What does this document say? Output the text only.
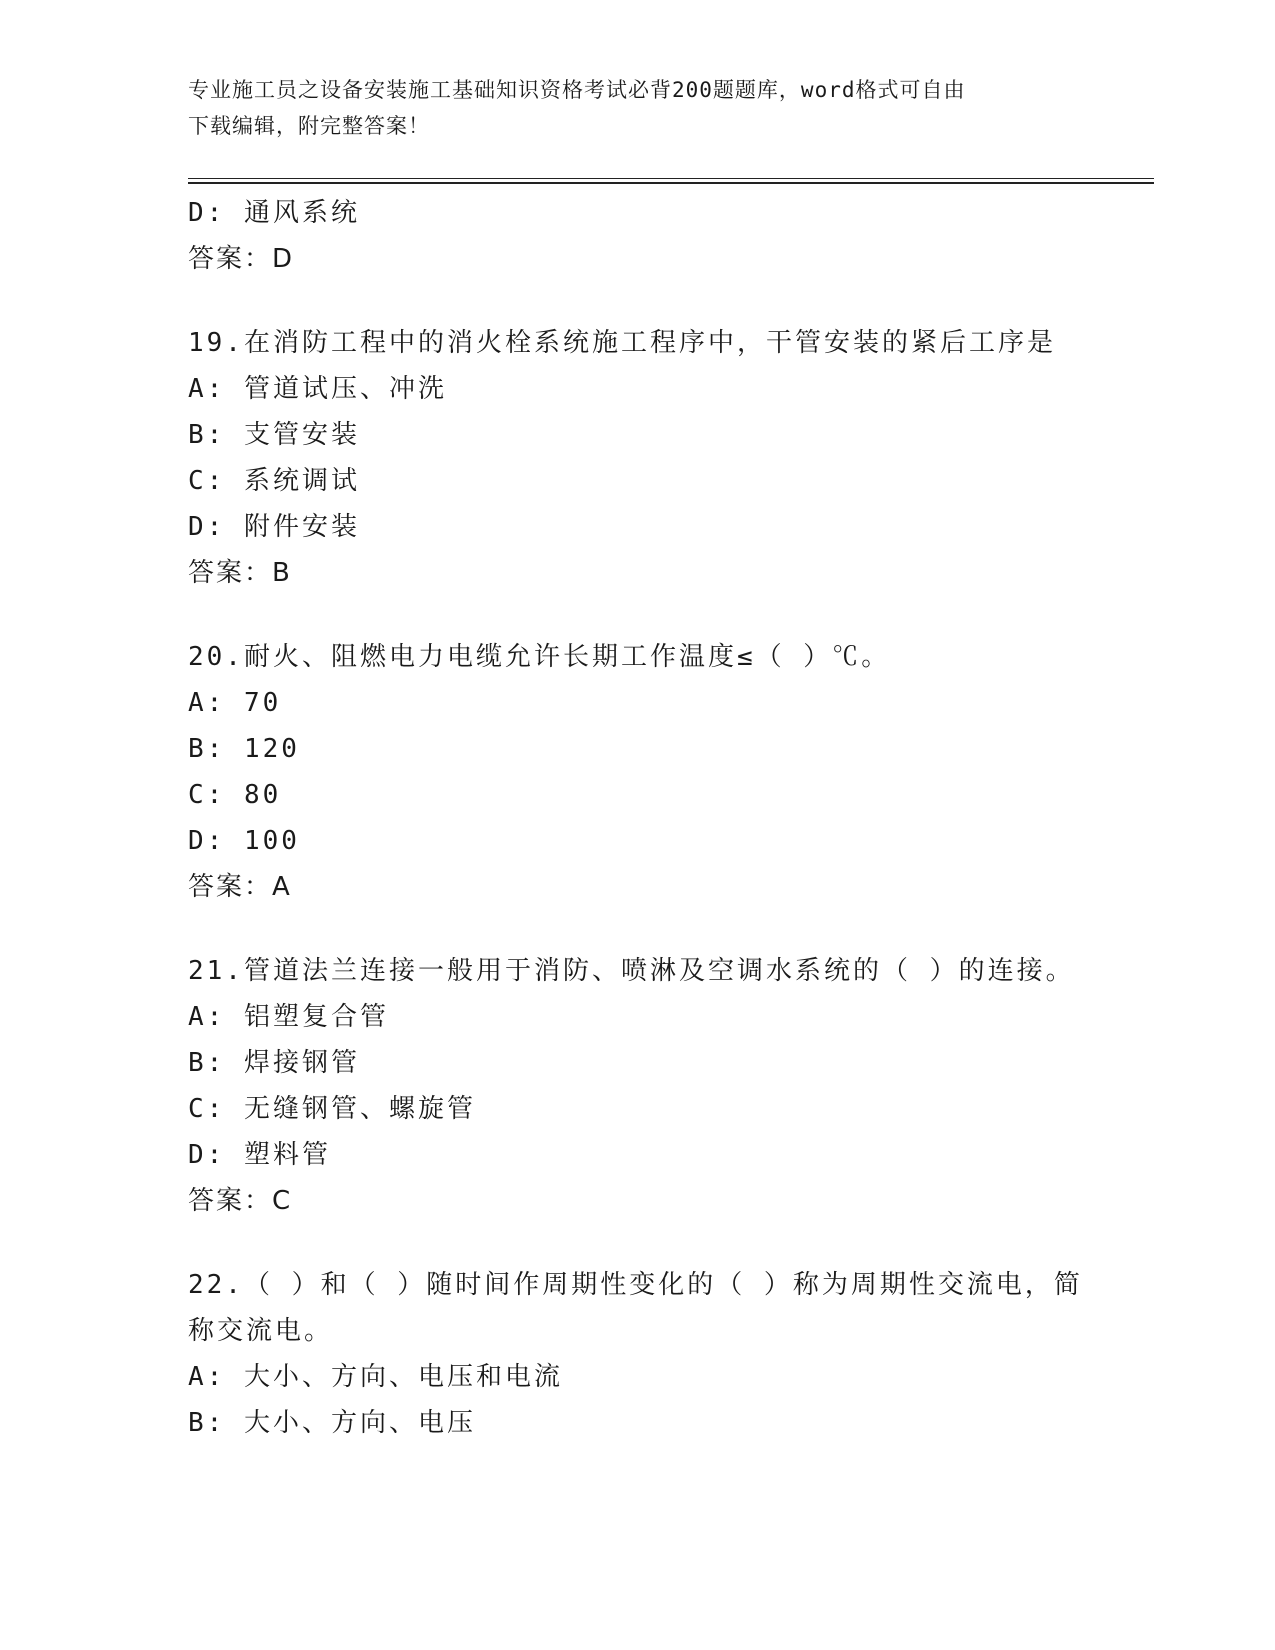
专业施工员之设备安装施工基础知识资格考试必背200题题库，word格式可自由
下载编辑，附完整答案！

D: 通风系统

答案：D

19.在消防工程中的消火栓系统施工程序中，干管安装的紧后工序是

A: 管道试压、冲洗

B: 支管安装

C: 系统调试

D: 附件安装

答案：B

20.耐火、阻燃电力电缆允许长期工作温度≤（ ）℃。

A: 70

B: 120

C: 80

D: 100

答案：A

21.管道法兰连接一般用于消防、喷淋及空调水系统的（ ）的连接。

A: 铝塑复合管

B: 焊接钢管

C: 无缝钢管、螺旋管

D: 塑料管

答案：C

22.（ ）和（ ）随时间作周期性变化的（ ）称为周期性交流电，简

称交流电。

A: 大小、方向、电压和电流

B: 大小、方向、电压
